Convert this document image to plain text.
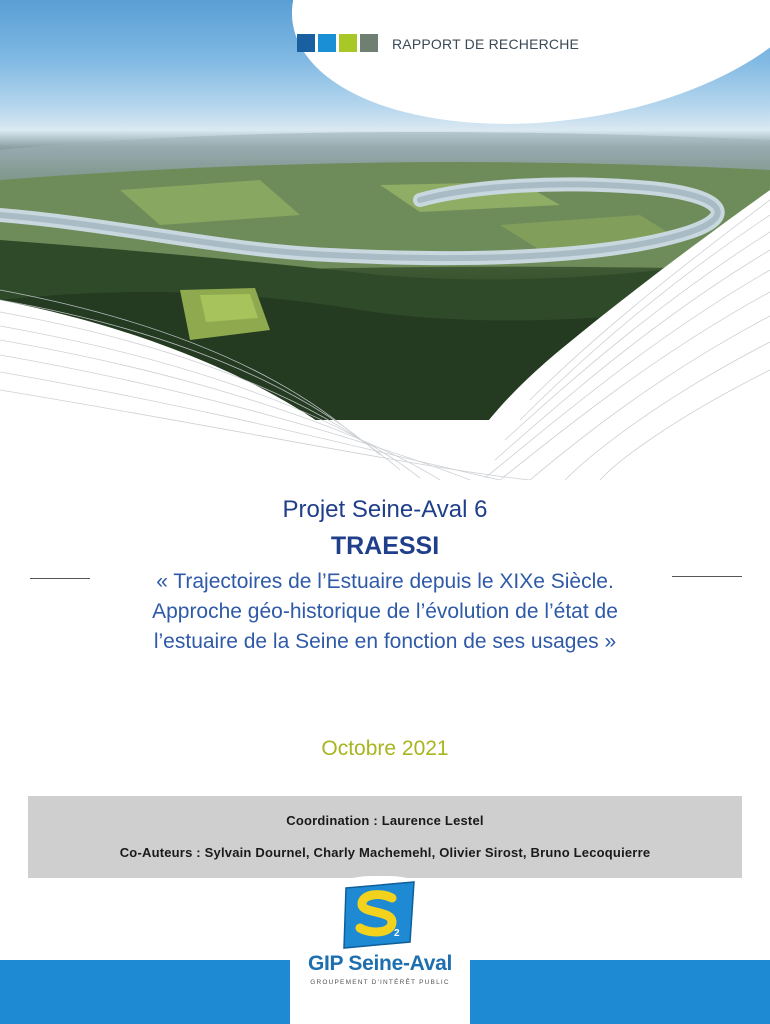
RAPPORT DE RECHERCHE
Projet Seine-Aval 6
TRAESSI
« Trajectoires de l’Estuaire depuis le XIXe Siècle.
Approche géo-historique de l’évolution de l’état de
l’estuaire de la Seine en fonction de ses usages »
Octobre 2021
Coordination : Laurence Lestel
Co-Auteurs : Sylvain Dournel, Charly Machemehl, Olivier Sirost, Bruno Lecoquierre
2
GIP Seine-Aval
GROUPEMENT D'INTÉRÊT PUBLIC
